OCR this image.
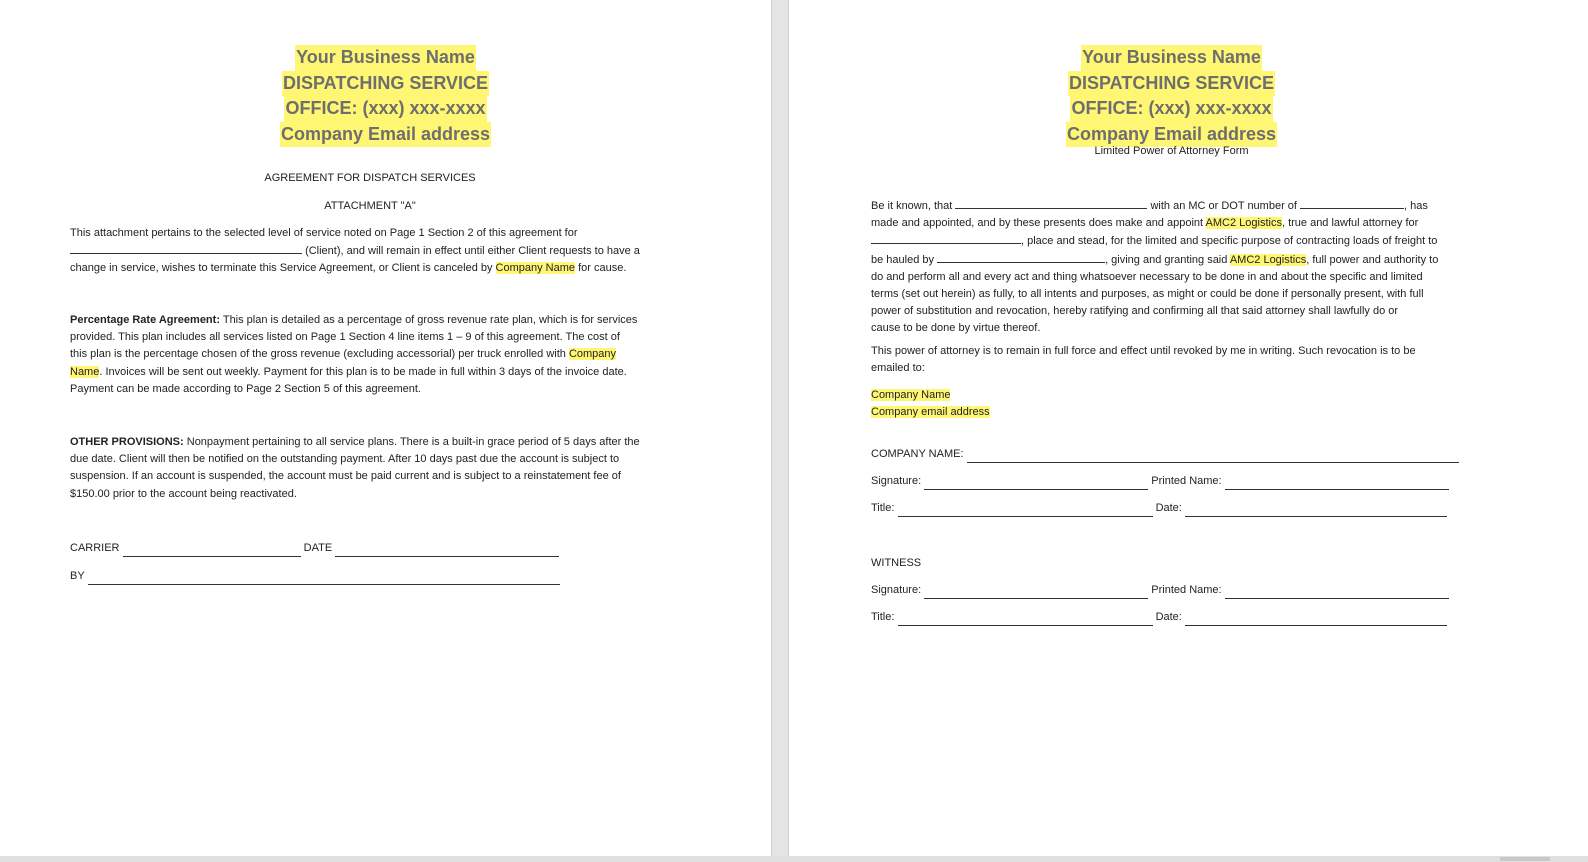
Your Business Name
DISPATCHING SERVICE
OFFICE: (xxx) xxx-xxxx
Company Email address
AGREEMENT FOR DISPATCH SERVICES
ATTACHMENT "A"
This attachment pertains to the selected level of service noted on Page 1 Section 2 of this agreement for
(Client), and will remain in effect until either Client requests to have a
change in service, wishes to terminate this Service Agreement, or Client is canceled by Company Name for cause.
Percentage Rate Agreement: This plan is detailed as a percentage of gross revenue rate plan, which is for services
provided. This plan includes all services listed on Page 1 Section 4 line items 1 – 9 of this agreement. The cost of
this plan is the percentage chosen of the gross revenue (excluding accessorial) per truck enrolled with Company
Name. Invoices will be sent out weekly. Payment for this plan is to be made in full within 3 days of the invoice date.
Payment can be made according to Page 2 Section 5 of this agreement.
OTHER PROVISIONS: Nonpayment pertaining to all service plans. There is a built-in grace period of 5 days after the
due date. Client will then be notified on the outstanding payment. After 10 days past due the account is subject to
suspension. If an account is suspended, the account must be paid current and is subject to a reinstatement fee of
$150.00 prior to the account being reactivated.
CARRIER	DATE
BY
Your Business Name
DISPATCHING SERVICE
OFFICE: (xxx) xxx-xxxx
Company Email address
Limited Power of Attorney Form
Be it known, that	with an MC or DOT number of	, has
made and appointed, and by these presents does make and appoint AMC2 Logistics, true and lawful attorney for
, place and stead, for the limited and specific purpose of contracting loads of freight to
be hauled by	, giving and granting said AMC2 Logistics, full power and authority to
do and perform all and every act and thing whatsoever necessary to be done in and about the specific and limited
terms (set out herein) as fully, to all intents and purposes, as might or could be done if personally present, with full
power of substitution and revocation, hereby ratifying and confirming all that said attorney shall lawfully do or
cause to be done by virtue thereof.
This power of attorney is to remain in full force and effect until revoked by me in writing. Such revocation is to be
emailed to:
Company Name
Company email address
COMPANY NAME:
Signature:	Printed Name:
Title:	Date:
WITNESS
Signature:	Printed Name:
Title:	Date:
